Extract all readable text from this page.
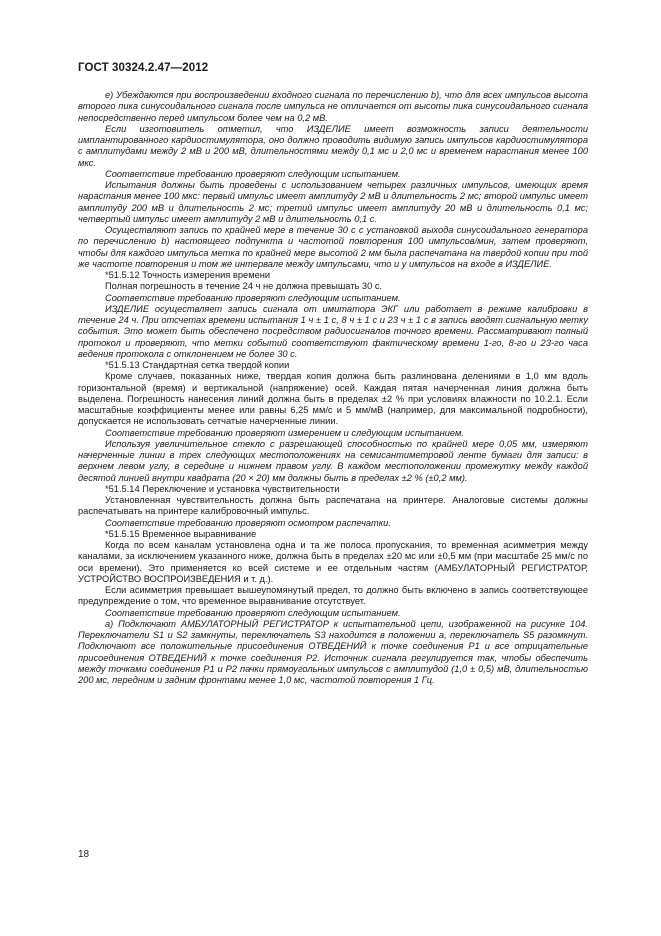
ГОСТ 30324.2.47—2012

e) Убеждаются при воспроизведении входного сигнала по перечислению b), что для всех импульсов высота второго пика синусоидального сигнала после импульса не отличается от высоты пика синусоидального сигнала непосредственно перед импульсом более чем на 0,2 мВ.

Если изготовитель отметил, что ИЗДЕЛИЕ имеет возможность записи деятельности имплантированного кардиостимулятора, оно должно проводить видимую запись импульсов кардиостимулятора с амплитудами между 2 мВ и 200 мВ, длительностями между 0,1 мс и 2,0 мс и временем нарастания менее 100 мкс.

Соответствие требованию проверяют следующим испытанием.

Испытания должны быть проведены с использованием четырех различных импульсов, имеющих время нарастания менее 100 мкс: первый импульс имеет амплитуду 2 мВ и длительность 2 мс; второй импульс имеет амплитуду 200 мВ и длительность 2 мс; третий импульс имеет амплитуду 20 мВ и длительность 0,1 мс; четвертый импульс имеет амплитуду 2 мВ и длительность 0,1 с.

Осуществляют запись по крайней мере в течение 30 с с установкой выхода синусоидального генератора по перечислению b) настоящего подпункта и частотой повторения 100 импульсов/мин, затем проверяют, чтобы для каждого импульса метка по крайней мере высотой 2 мм была распечатана на твердой копии при той же частоте повторения и том же интервале между импульсами, что и у импульсов на входе в ИЗДЕЛИЕ.

*51.5.12 Точность измерения времени

Полная погрешность в течение 24 ч не должна превышать 30 с.

Соответствие требованию проверяют следующим испытанием.

ИЗДЕЛИЕ осуществляет запись сигнала от имитатора ЭКГ или работает в режиме калибровки в течение 24 ч. При отсчетах времени испытания 1 ч ± 1 с, 8 ч ± 1 с и 23 ч ± 1 с в запись вводят сигнальную метку события. Это может быть обеспечено посредством радиосигналов точного времени. Рассматривают полный протокол и проверяют, что метки событий соответствуют фактическому времени 1-го, 8-го и 23-го часа ведения протокола с отклонением не более 30 с.

*51.5.13 Стандартная сетка твердой копии

Кроме случаев, показанных ниже, твердая копия должна быть разлинована делениями в 1,0 мм вдоль горизонтальной (время) и вертикальной (напряжение) осей. Каждая пятая начерченная линия должна быть выделена. Погрешность нанесения линий должна быть в пределах ±2 % при условиях влажности по 10.2.1. Если масштабные коэффициенты менее или равны 6,25 мм/с и 5 мм/мВ (например, для максимальной подробности), допускается не использовать сетчатые начерченные линии.

Соответствие требованию проверяют измерением и следующим испытанием.

Используя увеличительное стекло с разрешающей способностью по крайней мере 0,05 мм, измеряют начерченные линии в трех следующих местоположениях на семисантиметровой ленте бумаги для записи: в верхнем левом углу, в середине и нижнем правом углу. В каждом местоположении промежутку между каждой десятой линией внутри квадрата (20 × 20) мм должны быть в пределах ±2 % (±0,2 мм).

*51.5.14 Переключение и установка чувствительности

Установленная чувствительность должна быть распечатана на принтере. Аналоговые системы должны распечатывать на принтере калибровочный импульс.

Соответствие требованию проверяют осмотром распечатки.

*51.5.15 Временное выравнивание

Когда по всем каналам установлена одна и та же полоса пропускания, то временная асимметрия между каналами, за исключением указанного ниже, должна быть в пределах ±20 мс или ±0,5 мм (при масштабе 25 мм/с по оси времени). Это применяется ко всей системе и ее отдельным частям (АМБУЛАТОРНЫЙ РЕГИСТРАТОР, УСТРОЙСТВО ВОСПРОИЗВЕДЕНИЯ и т. д.).

Если асимметрия превышает вышеупомянутый предел, то должно быть включено в запись соответствующее предупреждение о том, что временное выравнивание отсутствует.

Соответствие требованию проверяют следующим испытанием.

а) Подключают АМБУЛАТОРНЫЙ РЕГИСТРАТОР к испытательной цепи, изображенной на рисунке 104. Переключатели S1 и S2 замкнуты, переключатель S3 находится в положении a, переключатель S5 разомкнут. Подключают все положительные присоединения ОТВЕДЕНИЙ к точке соединения P1 и все отрицательные присоединения ОТВЕДЕНИЙ к точке соединения P2. Источник сигнала регулируется так, чтобы обеспечить между точками соединения P1 и P2 пачки прямоугольных импульсов с амплитудой (1,0 ± 0,5) мВ, длительностью 200 мс, передним и задним фронтами менее 1,0 мс, частотой повторения 1 Гц.

18
